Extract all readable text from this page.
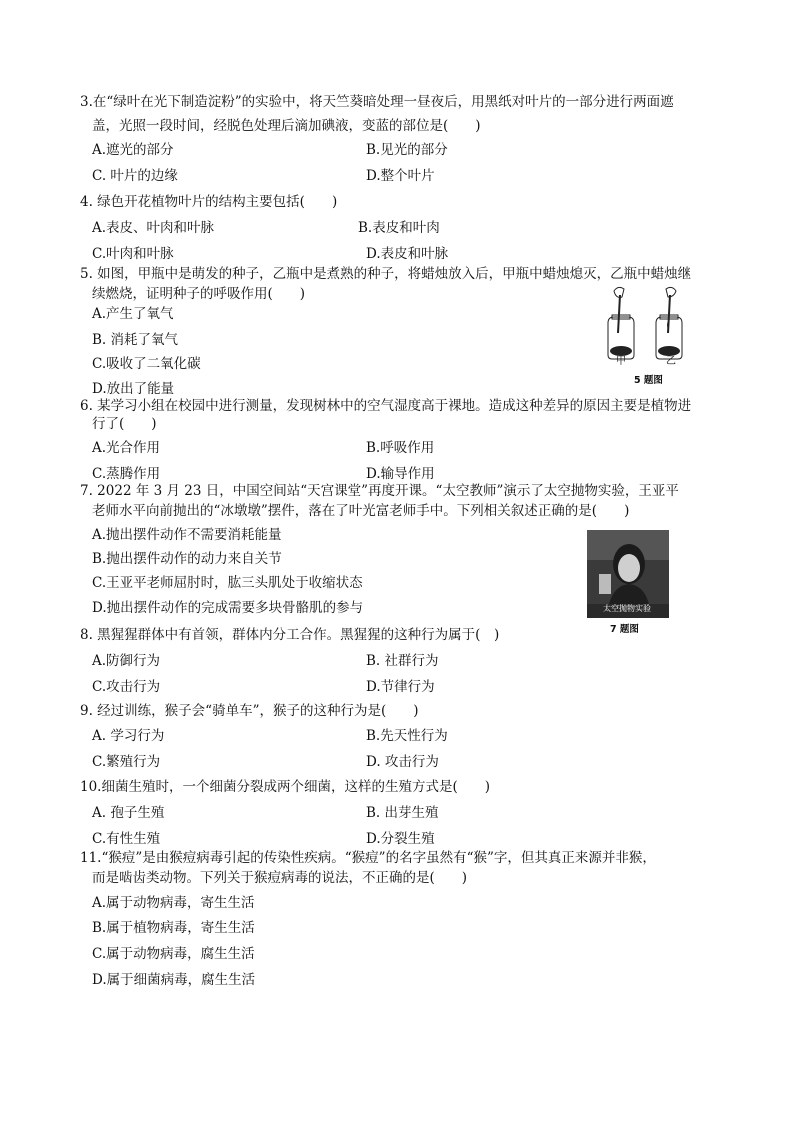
3.在“绿叶在光下制造淀粉”的实验中，将天竺葵暗处理一昼夜后，用黑纸对叶片的一部分进行两面遮
盖，光照一段时间，经脱色处理后滴加碘液，变蓝的部位是(　　)
A.遮光的部分	B.见光的部分
C. 叶片的边缘	D.整个叶片
4. 绿色开花植物叶片的结构主要包括(　　)
A.表皮、叶肉和叶脉	B.表皮和叶肉
C.叶肉和叶脉	D.表皮和叶脉
5. 如图，甲瓶中是萌发的种子，乙瓶中是煮熟的种子，将蜡烛放入后，甲瓶中蜡烛熄灭，乙瓶中蜡烛继
续燃烧，证明种子的呼吸作用(　　)
A.产生了氧气
B. 消耗了氧气
C.吸收了二氧化碳
D.放出了能量
甲	乙
5 题图
6. 某学习小组在校园中进行测量，发现树林中的空气湿度高于裸地。造成这种差异的原因主要是植物进
行了(　　)
A.光合作用	B.呼吸作用
C.蒸腾作用	D.输导作用
7. 2022 年 3 月 23 日，中国空间站“天宫课堂”再度开课。“太空教师”演示了太空抛物实验，王亚平
老师水平向前抛出的“冰墩墩”摆件，落在了叶光富老师手中。下列相关叙述正确的是(　　)
A.抛出摆件动作不需要消耗能量
B.抛出摆件动作的动力来自关节
C.王亚平老师屈肘时，肱三头肌处于收缩状态
D.抛出摆件动作的完成需要多块骨骼肌的参与	太空抛物实验
7 题图
8. 黑猩猩群体中有首领，群体内分工合作。黑猩猩的这种行为属于(　)
A.防御行为	B. 社群行为
C.攻击行为	D.节律行为
9. 经过训练，猴子会“骑单车”，猴子的这种行为是(　　)
A. 学习行为	B.先天性行为
C.繁殖行为	D. 攻击行为
10.细菌生殖时，一个细菌分裂成两个细菌，这样的生殖方式是(　　)
A. 孢子生殖	B. 出芽生殖
C.有性生殖	D.分裂生殖
11.“猴痘”是由猴痘病毒引起的传染性疾病。“猴痘”的名字虽然有“猴”字，但其真正来源并非猴，
而是啮齿类动物。下列关于猴痘病毒的说法，不正确的是(　　)
A.属于动物病毒，寄生生活
B.属于植物病毒，寄生生活
C.属于动物病毒，腐生生活
D.属于细菌病毒，腐生生活
